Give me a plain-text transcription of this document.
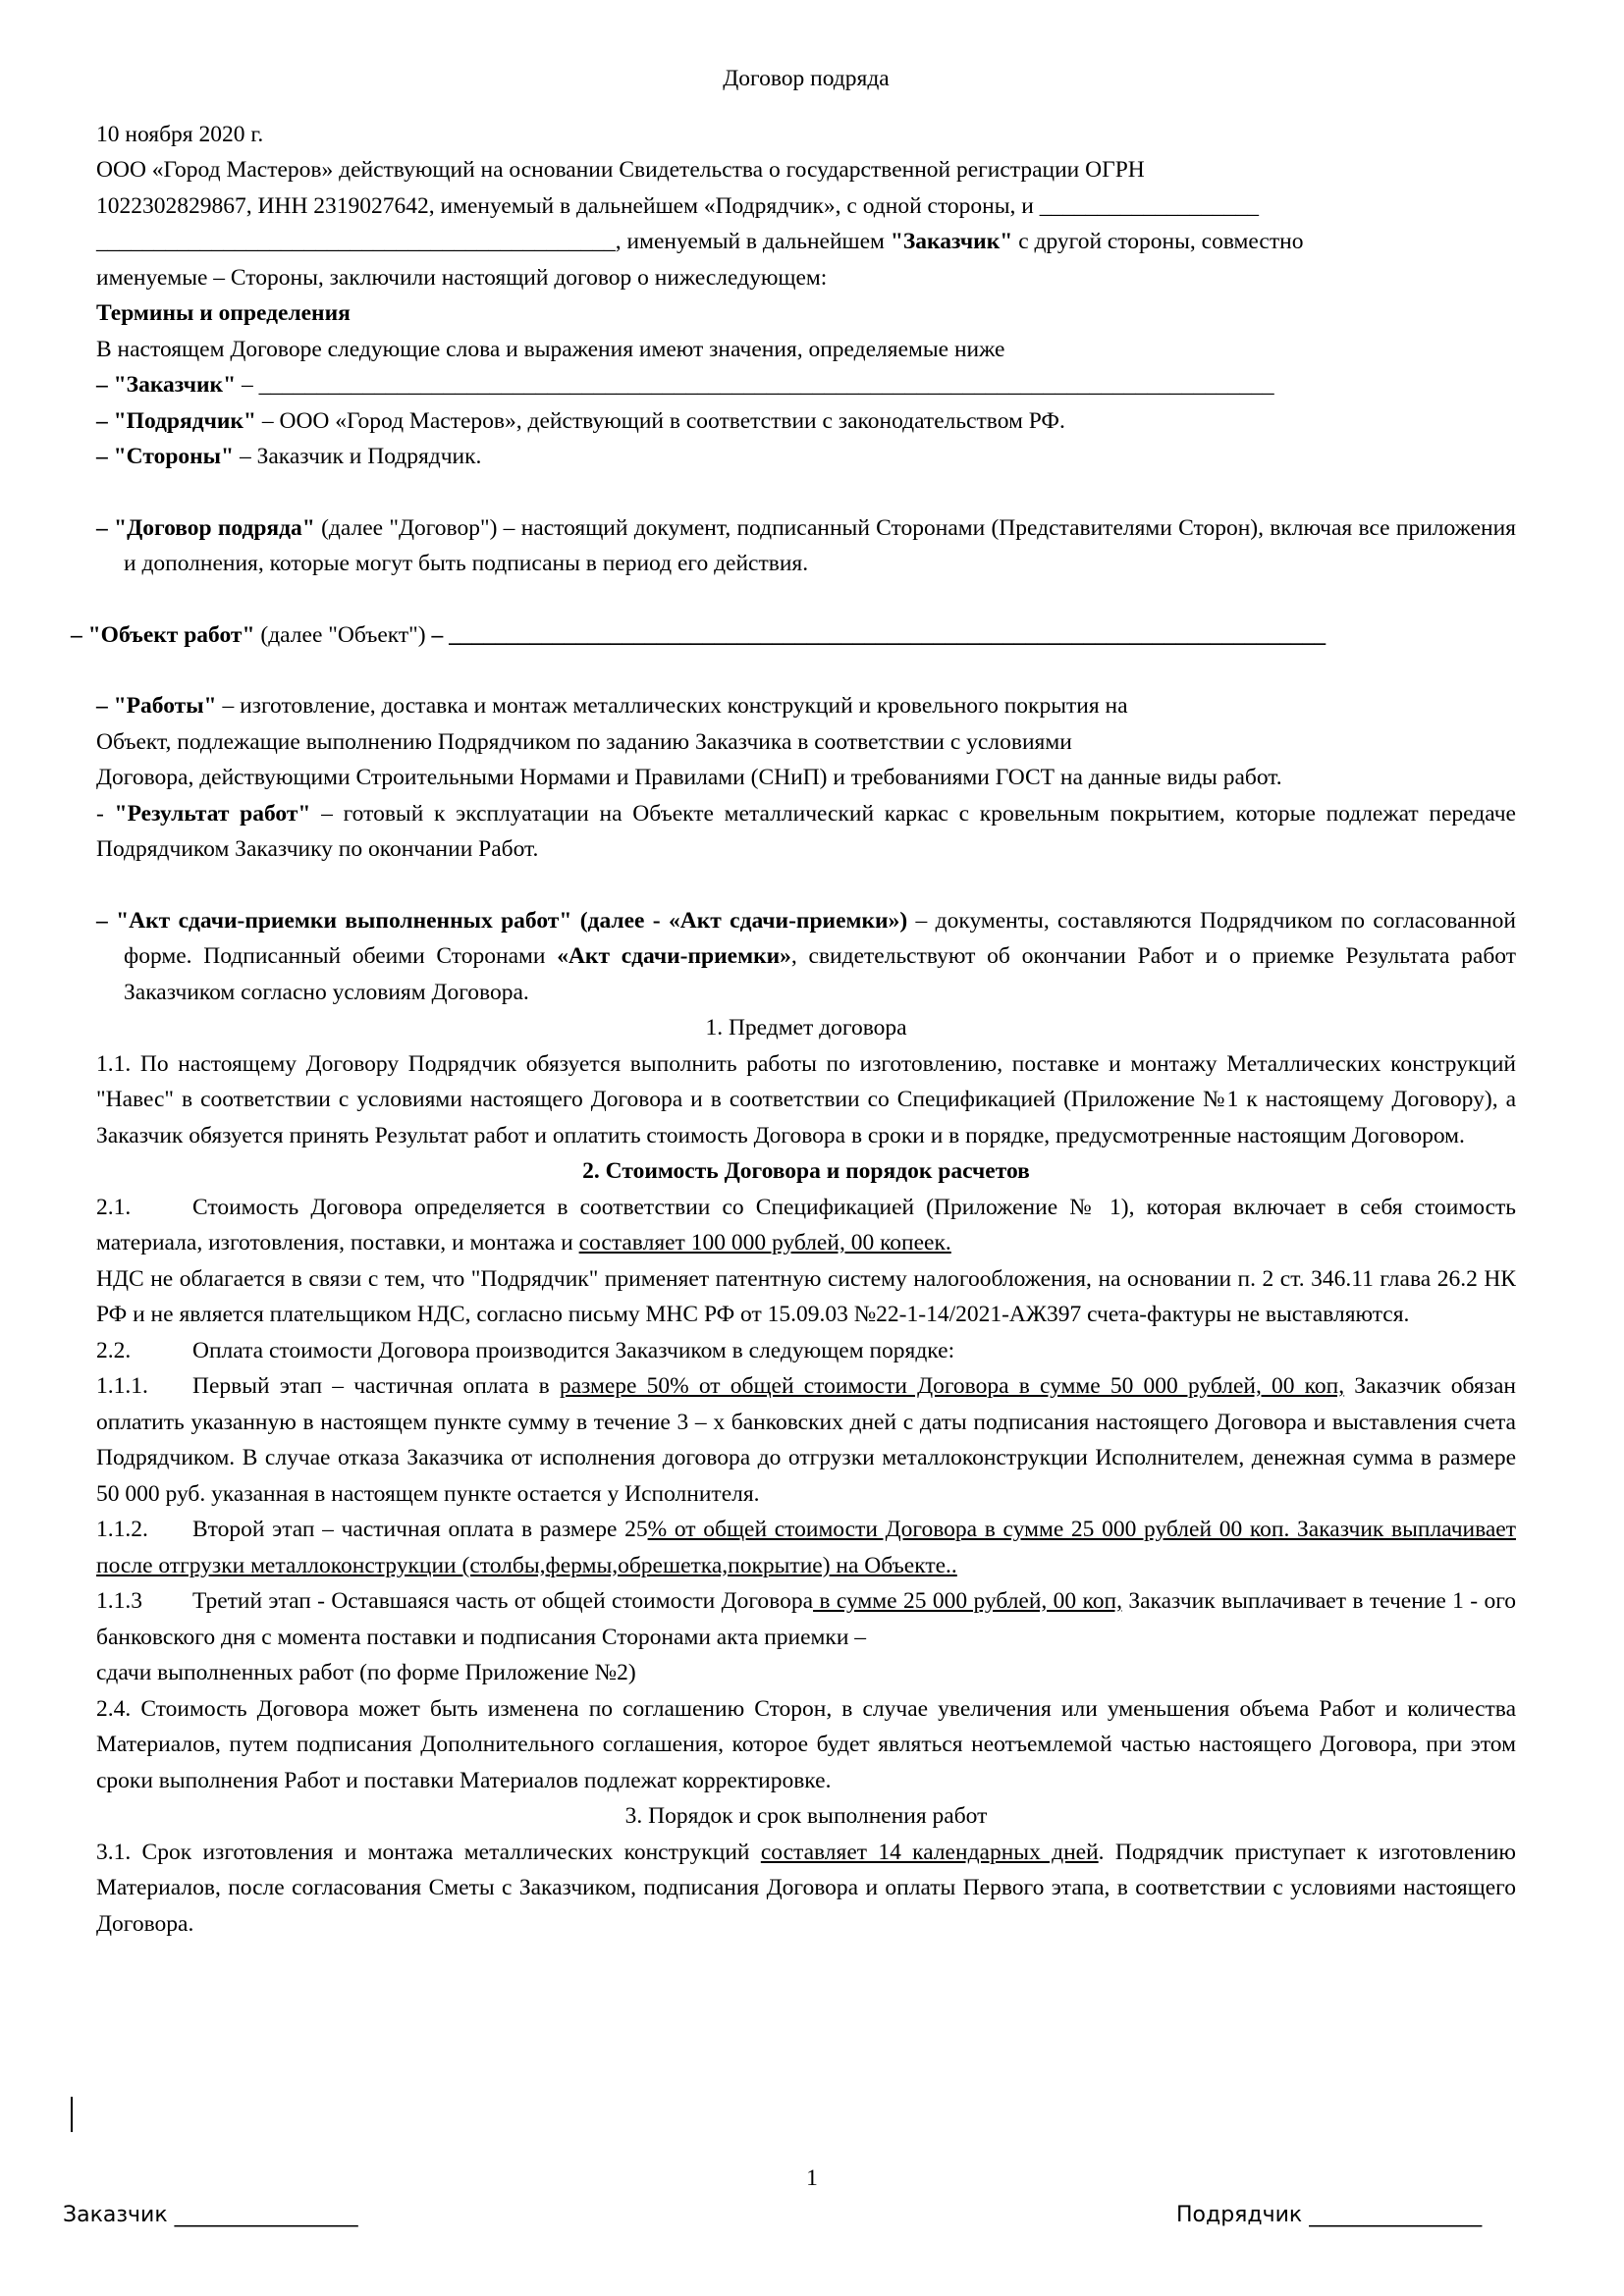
Договор подряда

10 ноября 2020 г.

ООО «Город Мастеров» действующий на основании Свидетельства о государственной регистрации ОГРН

1022302829867, ИНН 2319027642, именуемый в дальнейшем «Подрядчик», с одной стороны, и ___________________

_____________________________________________, именуемый в дальнейшем "Заказчик" с другой стороны, совместно

именуемые – Стороны, заключили настоящий договор о нижеследующем:

Термины и определения

В настоящем Договоре следующие слова и выражения имеют значения, определяемые ниже

– "Заказчик" – ________________________________________________________________________________________

– "Подрядчик" – ООО «Город Мастеров», действующий в соответствии с законодательством РФ.

– "Стороны" – Заказчик и Подрядчик.

– "Договор подряда" (далее "Договор") – настоящий документ, подписанный Сторонами (Представителями Сторон), включая все приложения и дополнения, которые могут быть подписаны в период его действия.

– "Объект работ" (далее "Объект") – ____________________________________________________________________________

– "Работы" – изготовление, доставка и монтаж металлических конструкций и кровельного покрытия на

Объект, подлежащие выполнению Подрядчиком по заданию Заказчика в соответствии с условиями

Договора, действующими Строительными Нормами и Правилами (СНиП) и требованиями ГОСТ на данные виды работ.

- "Результат работ" – готовый к эксплуатации на Объекте металлический каркас с кровельным покрытием, которые подлежат передаче Подрядчиком Заказчику по окончании Работ.

– "Акт сдачи-приемки выполненных работ" (далее - «Акт сдачи-приемки») – документы, составляются Подрядчиком по согласованной форме. Подписанный обеими Сторонами «Акт сдачи-приемки», свидетельствуют об окончании Работ и о приемке Результата работ Заказчиком согласно условиям Договора.

1. Предмет договора

1.1. По настоящему Договору Подрядчик обязуется выполнить работы по изготовлению, поставке и монтажу Металлических конструкций "Навес" в соответствии с условиями настоящего Договора и в соответствии со Спецификацией (Приложение №1 к настоящему Договору), а Заказчик обязуется принять Результат работ и оплатить стоимость Договора в сроки и в порядке, предусмотренные настоящим Договором.

2. Стоимость Договора и порядок расчетов

2.1.	Стоимость Договора определяется в соответствии со Спецификацией (Приложение № 1), которая включает в себя стоимость материала, изготовления, поставки, и монтажа и составляет 100 000 рублей, 00 копеек.

НДС не облагается в связи с тем, что "Подрядчик" применяет патентную систему налогообложения, на основании п. 2 ст. 346.11 глава 26.2 НК РФ и не является плательщиком НДС, согласно письму МНС РФ от 15.09.03 №22-1-14/2021-АЖ397 счета-фактуры не выставляются.

2.2.	Оплата стоимости Договора производится Заказчиком в следующем порядке:

1.1.1. Первый этап – частичная оплата в размере 50% от общей стоимости Договора в сумме 50 000 рублей, 00 коп, Заказчик обязан оплатить указанную в настоящем пункте сумму в течение 3 – х банковских дней с даты подписания настоящего Договора и выставления счета Подрядчиком. В случае отказа Заказчика от исполнения договора до отгрузки металлоконструкции Исполнителем, денежная сумма в размере 50 000 руб. указанная в настоящем пункте остается у Исполнителя.

1.1.2. Второй этап – частичная оплата в размере 25% от общей стоимости Договора в сумме 25 000 рублей 00 коп. Заказчик выплачивает после отгрузки металлоконструкции (столбы,фермы,обрешетка,покрытие) на Объекте..

1.1.3 Третий этап - Оставшаяся часть от общей стоимости Договора в сумме 25 000 рублей, 00 коп, Заказчик выплачивает в течение 1 - ого банковского дня с момента поставки и подписания Сторонами акта приемки –

сдачи выполненных работ (по форме Приложение №2)

2.4. Стоимость Договора может быть изменена по соглашению Сторон, в случае увеличения или уменьшения объема Работ и количества Материалов, путем подписания Дополнительного соглашения, которое будет являться неотъемлемой частью настоящего Договора, при этом сроки выполнения Работ и поставки Материалов подлежат корректировке.

3. Порядок и срок выполнения работ

3.1. Срок изготовления и монтажа металлических конструкций составляет 14 календарных дней. Подрядчик приступает к изготовлению Материалов, после согласования Сметы с Заказчиком, подписания Договора и оплаты Первого этапа, в соответствии с условиями настоящего Договора.

1
Заказчик _________________	Подрядчик ________________
